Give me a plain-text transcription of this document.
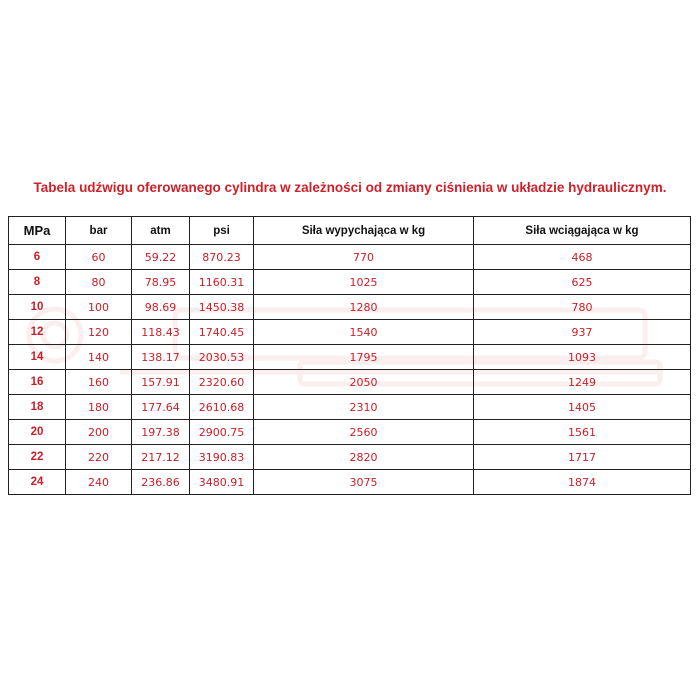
Tabela udźwigu oferowanego cylindra w zależności od zmiany ciśnienia w układzie hydraulicznym.
MPa	bar	atm	psi	Siła wypychająca w kg	Siła wciągająca w kg
6	60	59.22	870.23	770	468
8	80	78.95	1160.31	1025	625
10	100	98.69	1450.38	1280	780
12	120	118.43	1740.45	1540	937
14	140	138.17	2030.53	1795	1093
16	160	157.91	2320.60	2050	1249
18	180	177.64	2610.68	2310	1405
20	200	197.38	2900.75	2560	1561
22	220	217.12	3190.83	2820	1717
24	240	236.86	3480.91	3075	1874
